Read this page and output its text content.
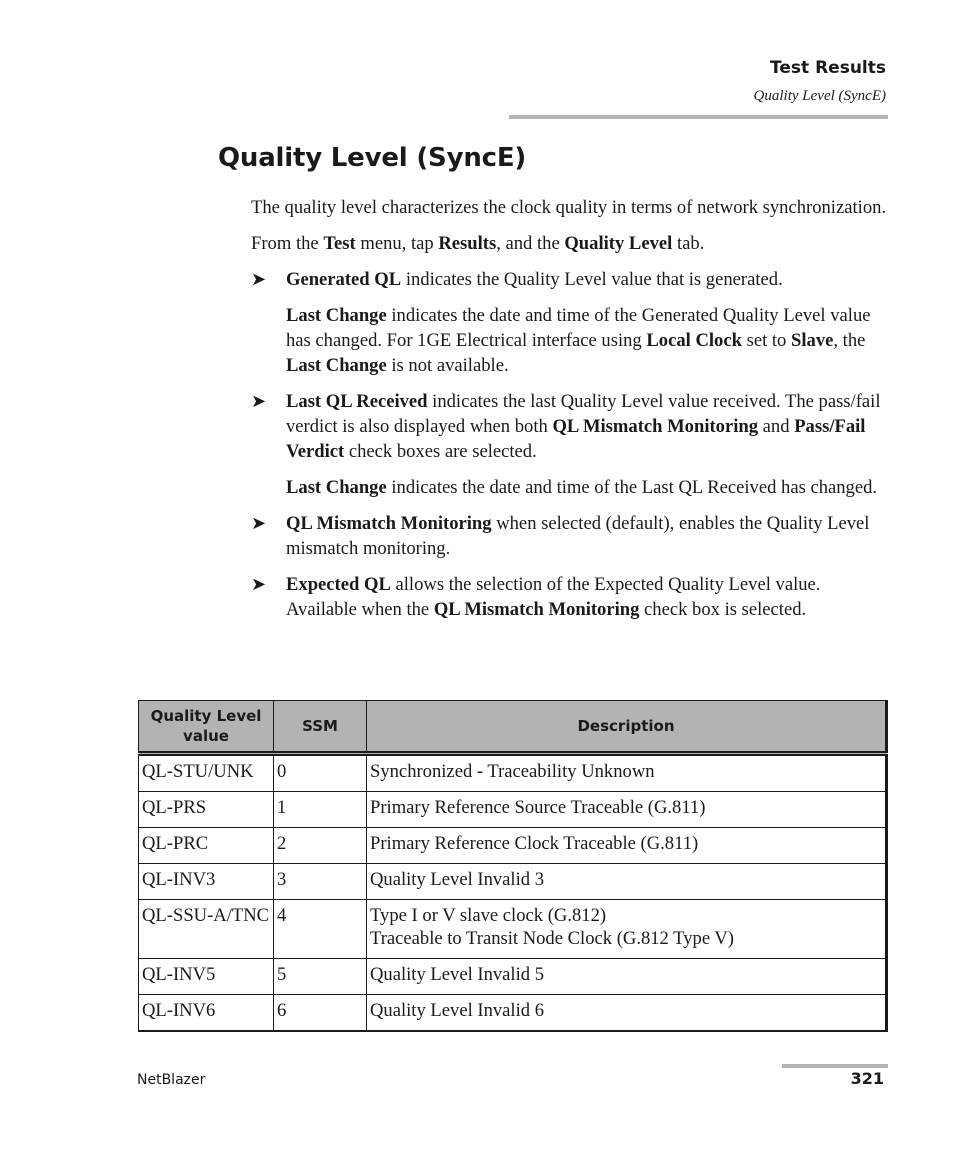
Test Results
Quality Level (SyncE)
Quality Level (SyncE)

The quality level characterizes the clock quality in terms of network synchronization.

From the Test menu, tap Results, and the Quality Level tab.

➤ Generated QL indicates the Quality Level value that is generated.
Last Change indicates the date and time of the Generated Quality Level value has changed. For 1GE Electrical interface using Local Clock set to Slave, the Last Change is not available.
➤ Last QL Received indicates the last Quality Level value received. The pass/fail verdict is also displayed when both QL Mismatch Monitoring and Pass/Fail Verdict check boxes are selected.
Last Change indicates the date and time of the Last QL Received has changed.
➤ QL Mismatch Monitoring when selected (default), enables the Quality Level mismatch monitoring.
➤ Expected QL allows the selection of the Expected Quality Level value. Available when the QL Mismatch Monitoring check box is selected.
Quality Level value	SSM	Description
QL-STU/UNK	0	Synchronized - Traceability Unknown
QL-PRS	1	Primary Reference Source Traceable (G.811)
QL-PRC	2	Primary Reference Clock Traceable (G.811)
QL-INV3	3	Quality Level Invalid 3
QL-SSU-A/TNC	4	Type I or V slave clock (G.812)
Traceable to Transit Node Clock (G.812 Type V)

QL-INV5	5	Quality Level Invalid 5
QL-INV6	6	Quality Level Invalid 6
NetBlazer	321
